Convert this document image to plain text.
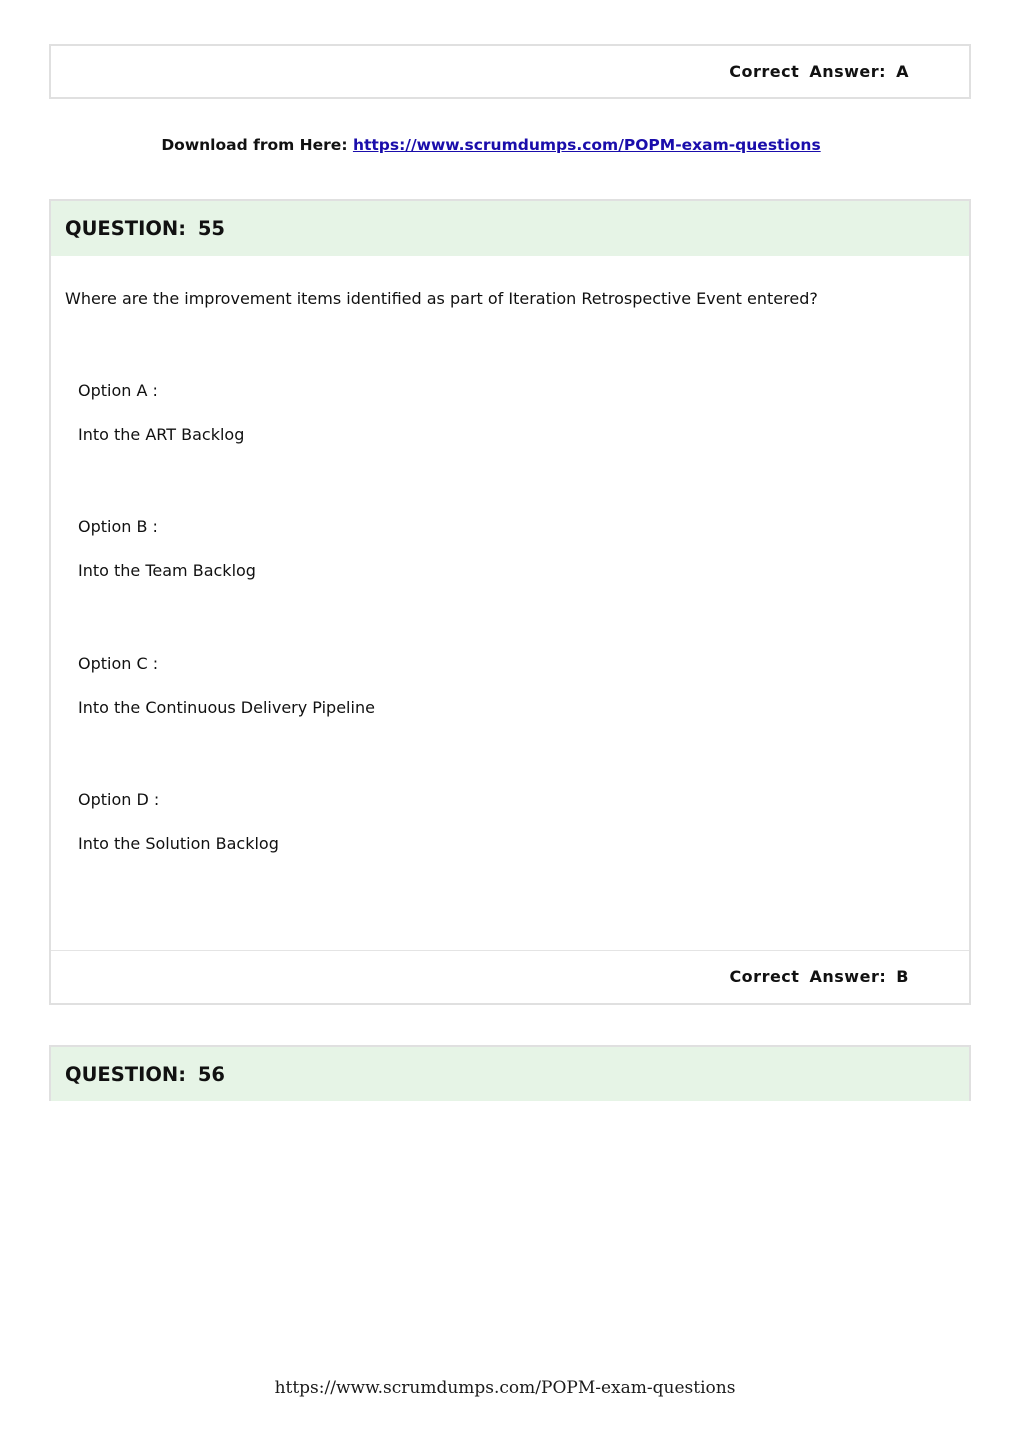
Correct Answer: A
Download from Here: https://www.scrumdumps.com/POPM-exam-questions
QUESTION: 55
Where are the improvement items identified as part of Iteration Retrospective Event entered?
Option A :
Into the ART Backlog
Option B :
Into the Team Backlog
Option C :
Into the Continuous Delivery Pipeline
Option D :
Into the Solution Backlog
Correct Answer: B
QUESTION: 56
https://www.scrumdumps.com/POPM-exam-questions
